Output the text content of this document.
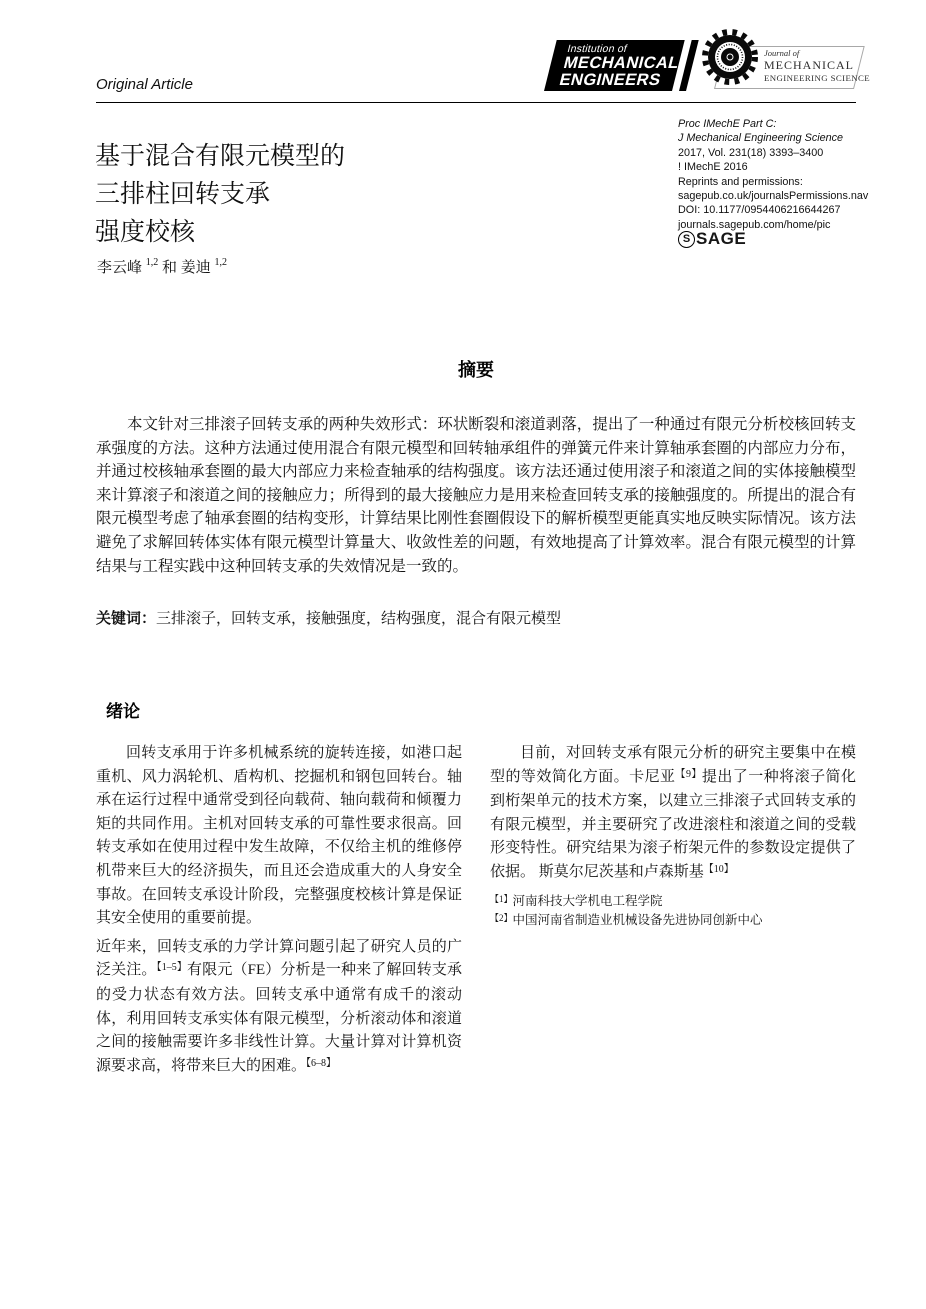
Original Article
Institution of
MECHANICAL
ENGINEERS
Journal of
MECHANICAL
ENGINEERING SCIENCE
基于混合有限元模型的
三排柱回转支承
强度校核
李云峰 $^{1,2}$ 和 姜迪 $^{1,2}$
Proc IMechE Part C:
J Mechanical Engineering Science
2017, Vol. 231(18) 3393–3400
! IMechE 2016
Reprints and permissions:
sagepub.co.uk/journalsPermissions.nav
DOI: 10.1177/0954406216644267
journals.sagepub.com/home/pic
S SAGE
摘要
本文针对三排滚子回转支承的两种失效形式：环状断裂和滚道剥落，提出了一种通过有限元分析校核回转支承强度的方法。这种方法通过使用混合有限元模型和回转轴承组件的弹簧元件来计算轴承套圈的内部应力分布，并通过校核轴承套圈的最大内部应力来检查轴承的结构强度。该方法还通过使用滚子和滚道之间的实体接触模型来计算滚子和滚道之间的接触应力；所得到的最大接触应力是用来检查回转支承的接触强度的。所提出的混合有限元模型考虑了轴承套圈的结构变形，计算结果比刚性套圈假设下的解析模型更能真实地反映实际情况。该方法避免了求解回转体实体有限元模型计算量大、收敛性差的问题，有效地提高了计算效率。混合有限元模型的计算结果与工程实践中这种回转支承的失效情况是一致的。
关键词：三排滚子，回转支承，接触强度，结构强度，混合有限元模型
绪论

回转支承用于许多机械系统的旋转连接，如港口起重机、风力涡轮机、盾构机、挖掘机和钢包回转台。轴承在运行过程中通常受到径向载荷、轴向载荷和倾覆力矩的共同作用。主机对回转支承的可靠性要求很高。回转支承如在使用过程中发生故障，不仅给主机的维修停机带来巨大的经济损失，而且还会造成重大的人身安全事故。在回转支承设计阶段，完整强度校核计算是保证其安全使用的重要前提。

近年来，回转支承的力学计算问题引起了研究人员的广泛关注。$^{【1-5】}$有限元（FE）分析是一种来了解回转支承的受力状态有效方法。回转支承中通常有成千的滚动体，利用回转支承实体有限元模型，分析滚动体和滚道之间的接触需要许多非线性计算。大量计算对计算机资源要求高，将带来巨大的困难。$^{【6-8】}$

目前，对回转支承有限元分析的研究主要集中在模型的等效简化方面。卡尼亚$^{【9】}$提出了一种将滚子简化到桁架单元的技术方案，以建立三排滚子式回转支承的有限元模型，并主要研究了改进滚柱和滚道之间的受载形变特性。研究结果为滚子桁架元件的参数设定提供了依据。 斯莫尔尼茨基和卢森斯基$^{【10】}$

$^{【1】}$河南科技大学机电工程学院
$^{【2】}$中国河南省制造业机械设备先进协同创新中心
